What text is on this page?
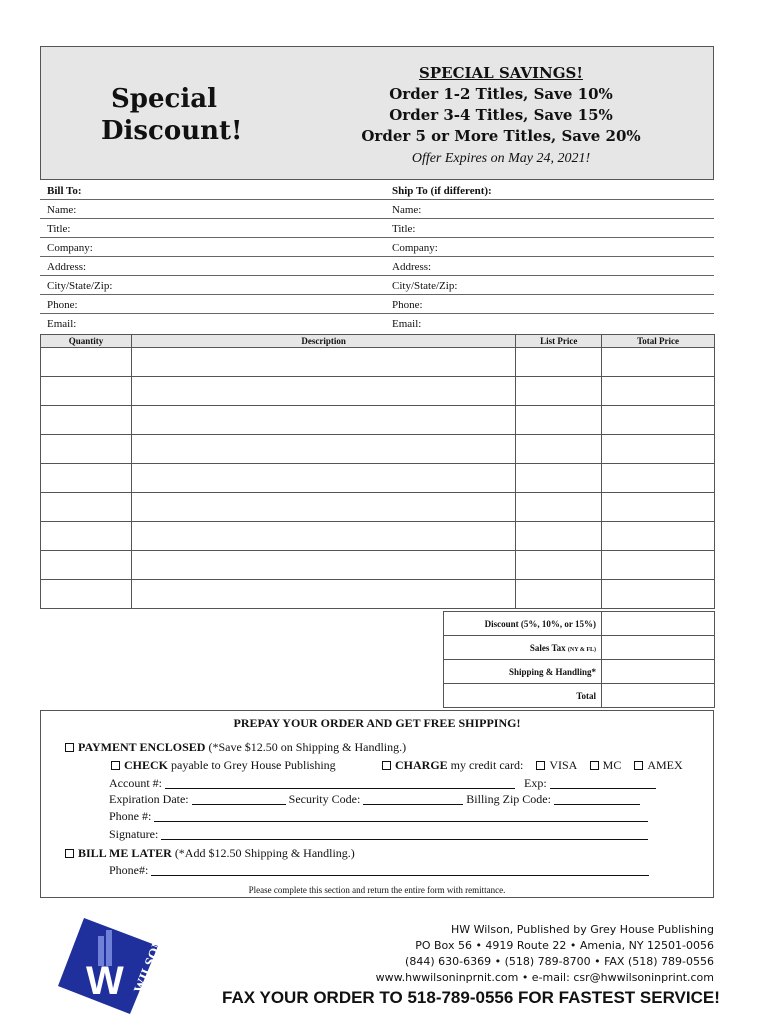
Special
Discount!
SPECIAL SAVINGS!
Order 1-2 Titles, Save 10%
Order 3-4 Titles, Save 15%
Order 5 or More Titles, Save 20%
Offer Expires on May 24, 2021!
Bill To:	Ship To (if different):
Name:	Name:
Title:	Title:
Company:	Company:
Address:	Address:
City/State/Zip:	City/State/Zip:
Phone:	Phone:
Email:	Email:
Quantity	Description	List Price	Total Price

Discount (5%, 10%, or 15%)	
Sales Tax (NY & FL)	
Shipping & Handling*	
Total	
PREPAY YOUR ORDER AND GET FREE SHIPPING!
PAYMENT ENCLOSED (*Save $12.50 on Shipping & Handling.)
CHECK payable to Grey House Publishing	CHARGE my credit card: VISA MC AMEX
Account #:	Exp:
Expiration Date:	Security Code:	Billing Zip Code:
Phone #:
Signature:
BILL ME LATER (*Add $12.50 Shipping & Handling.)
Phone#:
Please complete this section and return the entire form with remittance.
W WILSON
HW Wilson, Published by Grey House Publishing
PO Box 56 • 4919 Route 22 • Amenia, NY 12501-0056
(844) 630-6369 • (518) 789-8700 • FAX (518) 789-0556
www.hwwilsoninprnit.com • e-mail: csr@hwwilsoninprint.com
FAX YOUR ORDER TO 518-789-0556 FOR FASTEST SERVICE!
